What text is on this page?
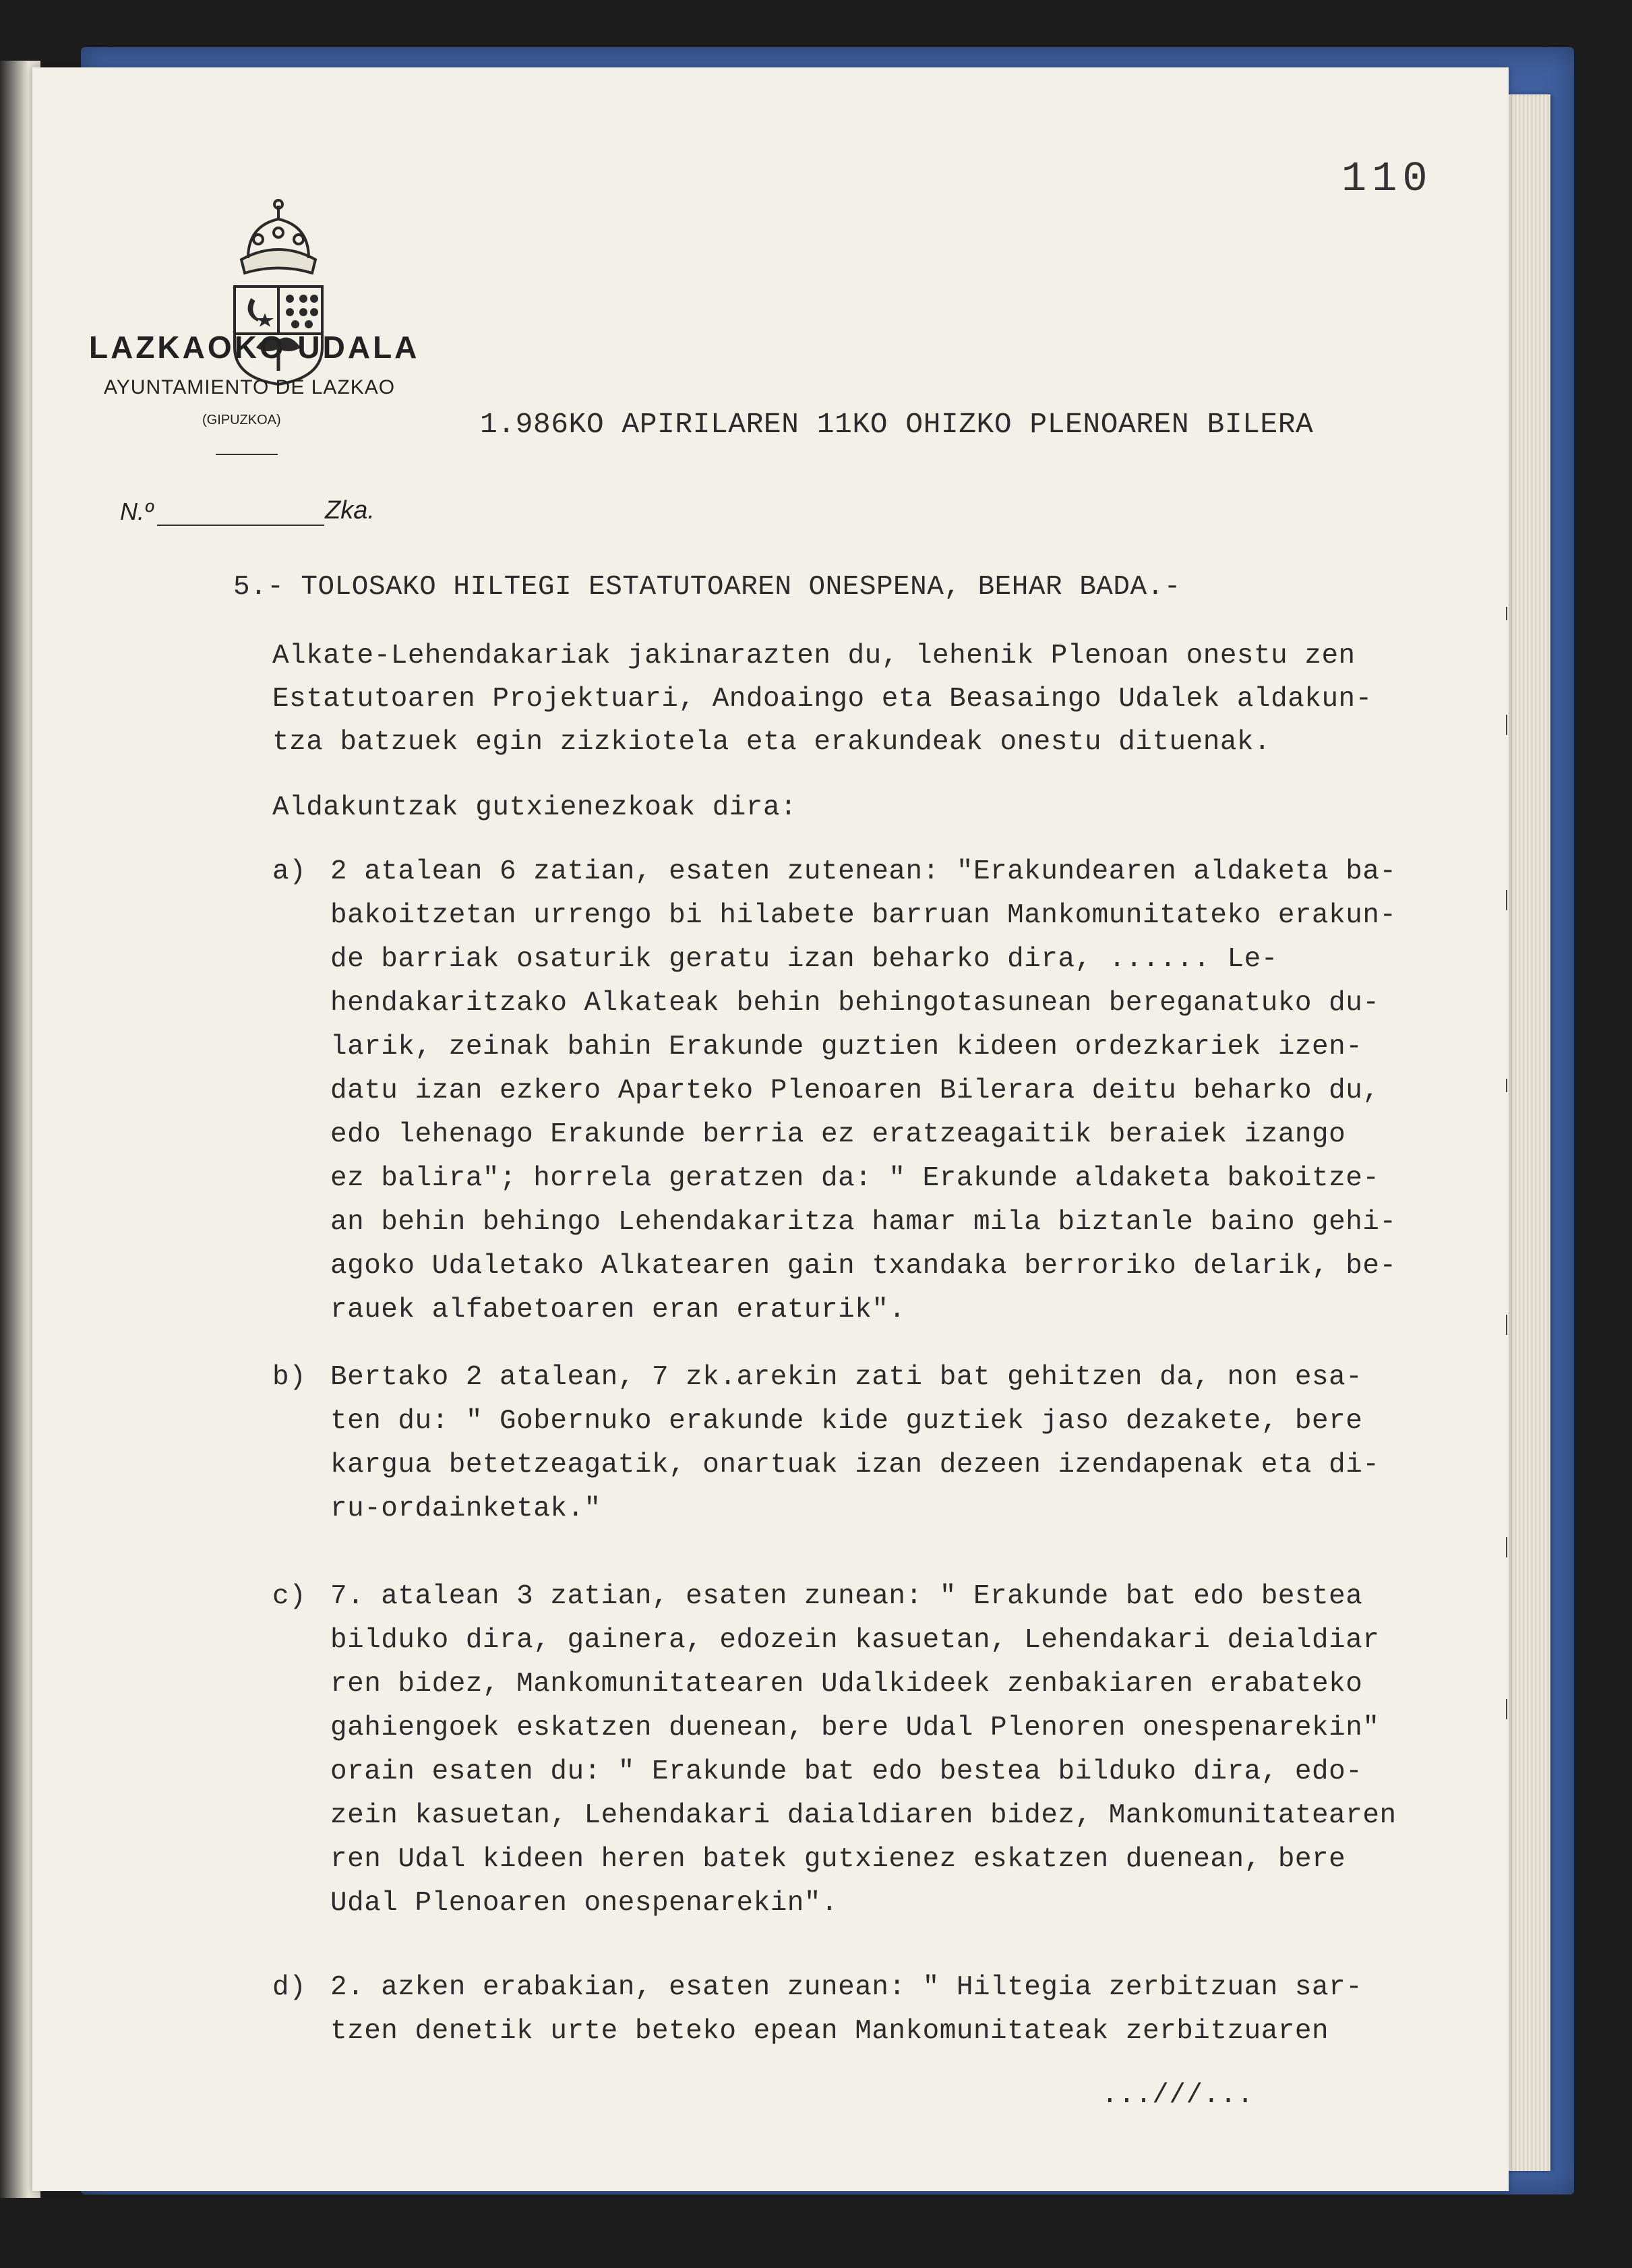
LAZKAOKO UDALA
AYUNTAMIENTO DE LAZKAO
(GIPUZKOA)
N.º	Zka.
110
1.986KO APIRILAREN 11KO OHIZKO PLENOAREN BILERA
5.- TOLOSAKO HILTEGI ESTATUTOAREN ONESPENA, BEHAR BADA.-
Alkate-Lehendakariak jakinarazten du, lehenik Plenoan onestu zen
Estatutoaren Projektuari, Andoaingo eta Beasaingo Udalek aldakun-
tza batzuek egin zizkiotela eta erakundeak onestu dituenak.
Aldakuntzak gutxienezkoak dira:
a) 2 atalean 6 zatian, esaten zutenean: "Erakundearen aldaketa ba-
bakoitzetan urrengo bi hilabete barruan Mankomunitateko erakun-
de barriak osaturik geratu izan beharko dira, ...... Le-
hendakaritzako Alkateak behin behingotasunean bereganatuko du-
larik, zeinak bahin Erakunde guztien kideen ordezkariek izen-
datu izan ezkero Aparteko Plenoaren Bilerara deitu beharko du,
edo lehenago Erakunde berria ez eratzeagaitik beraiek izango
ez balira"; horrela geratzen da: " Erakunde aldaketa bakoitze-
an behin behingo Lehendakaritza hamar mila biztanle baino gehi-
agoko Udaletako Alkatearen gain txandaka berroriko delarik, be-
rauek alfabetoaren eran eraturik".
b) Bertako 2 atalean, 7 zk.arekin zati bat gehitzen da, non esa-
ten du: " Gobernuko erakunde kide guztiek jaso dezakete, bere
kargua betetzeagatik, onartuak izan dezeen izendapenak eta di-
ru-ordainketak."
c) 7. atalean 3 zatian, esaten zunean: " Erakunde bat edo bestea
bilduko dira, gainera, edozein kasuetan, Lehendakari deialdiar
ren bidez, Mankomunitatearen Udalkideek zenbakiaren erabateko
gahiengoek eskatzen duenean, bere Udal Plenoren onespenarekin"
orain esaten du: " Erakunde bat edo bestea bilduko dira, edo-
zein kasuetan, Lehendakari daialdiaren bidez, Mankomunitatearen
ren Udal kideen heren batek gutxienez eskatzen duenean, bere
Udal Plenoaren onespenarekin".
d) 2. azken erabakian, esaten zunean: " Hiltegia zerbitzuan sar-
tzen denetik urte beteko epean Mankomunitateak zerbitzuaren
...///...
